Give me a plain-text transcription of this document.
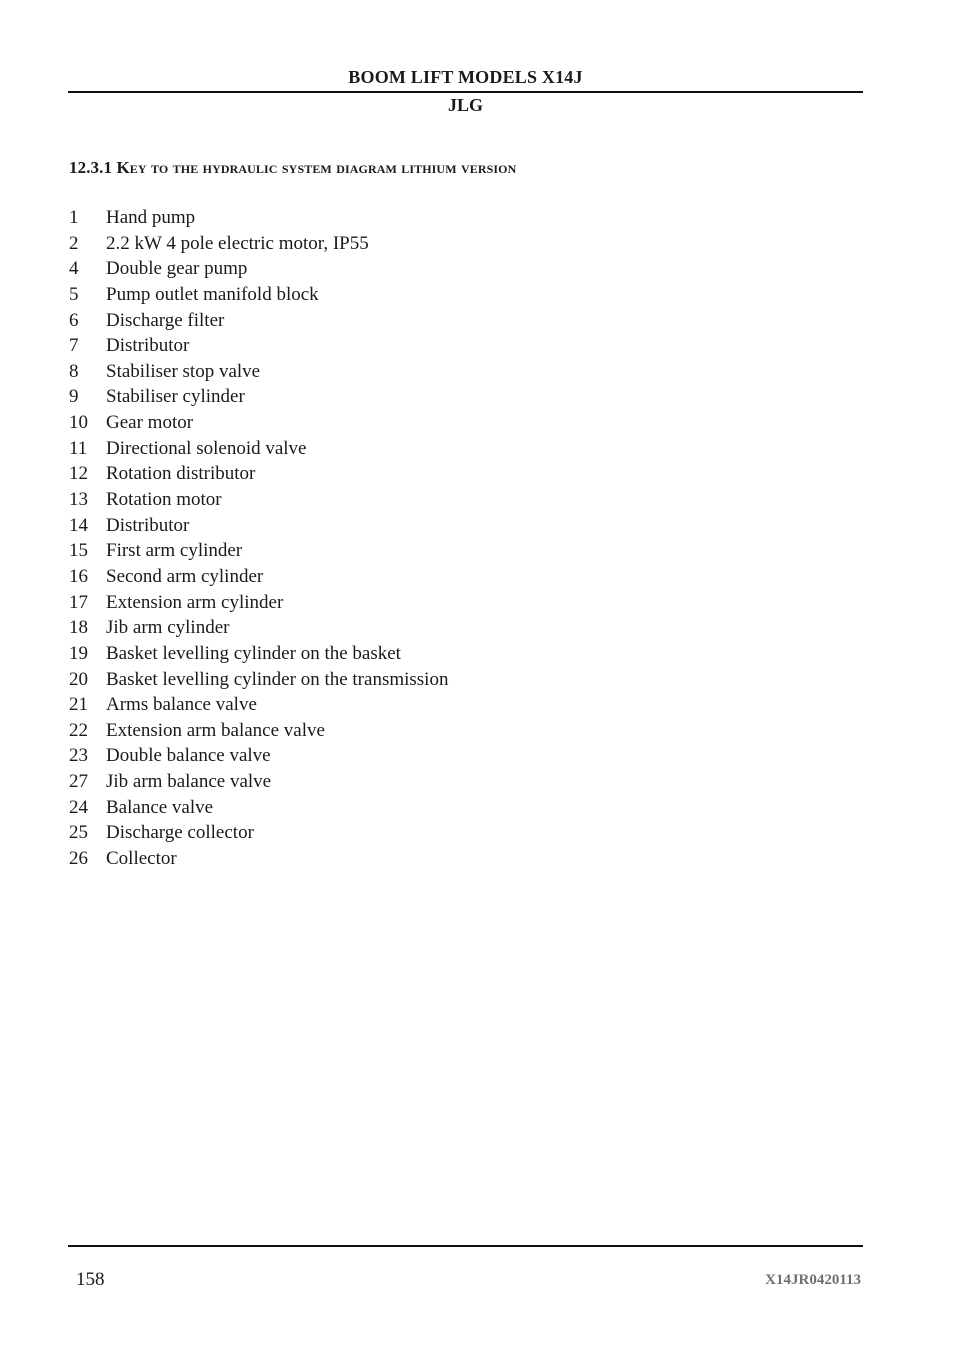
BOOM LIFT MODELS X14J
JLG
12.3.1 Key to the hydraulic system diagram lithium version
1	Hand pump
2	2.2 kW 4 pole electric motor, IP55
4	Double gear pump
5	Pump outlet manifold block
6	Discharge filter
7	Distributor
8	Stabiliser stop valve
9	Stabiliser cylinder
10 Gear motor
11 Directional solenoid valve
12 Rotation distributor
13 Rotation motor
14 Distributor
15 First arm cylinder
16 Second arm cylinder
17 Extension arm cylinder
18 Jib arm cylinder
19 Basket levelling cylinder on the basket
20 Basket levelling cylinder on the transmission
21 Arms balance valve
22 Extension arm balance valve
23 Double balance valve
27 Jib arm balance valve
24 Balance valve
25 Discharge collector
26 Collector
158	X14JR0420113
